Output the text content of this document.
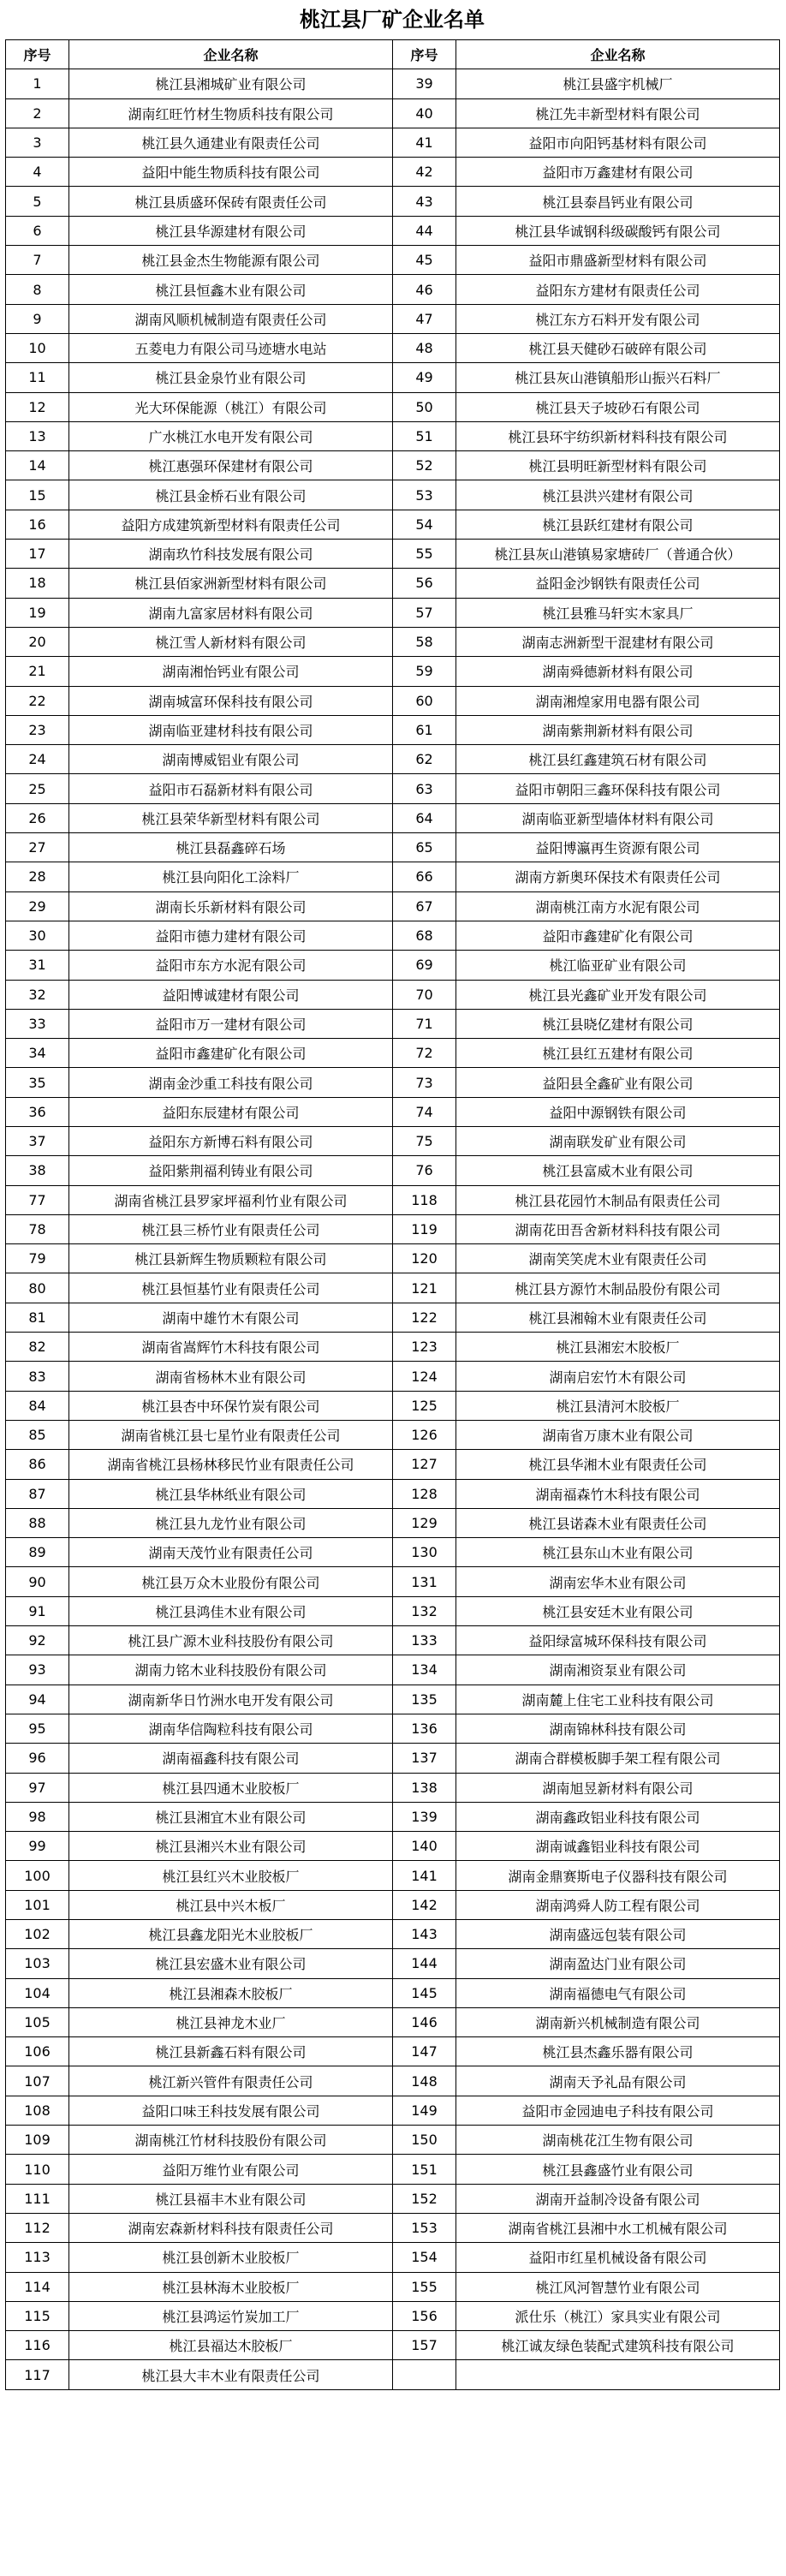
桃江县厂矿企业名单
序号	企业名称	序号	企业名称
1	桃江县湘城矿业有限公司	39	桃江县盛宇机械厂
2	湖南红旺竹材生物质科技有限公司	40	桃江先丰新型材料有限公司
3	桃江县久通建业有限责任公司	41	益阳市向阳钙基材料有限公司
4	益阳中能生物质科技有限公司	42	益阳市万鑫建材有限公司
5	桃江县质盛环保砖有限责任公司	43	桃江县泰昌钙业有限公司
6	桃江县华源建材有限公司	44	桃江县华诚钢科级碳酸钙有限公司
7	桃江县金杰生物能源有限公司	45	益阳市鼎盛新型材料有限公司
8	桃江县恒鑫木业有限公司	46	益阳东方建材有限责任公司
9	湖南风顺机械制造有限责任公司	47	桃江东方石料开发有限公司
10	五菱电力有限公司马迹塘水电站	48	桃江县天健砂石破碎有限公司
11	桃江县金泉竹业有限公司	49	桃江县灰山港镇船形山振兴石料厂
12	光大环保能源（桃江）有限公司	50	桃江县天子坡砂石有限公司
13	广水桃江水电开发有限公司	51	桃江县环宇纺织新材料科技有限公司
14	桃江惠强环保建材有限公司	52	桃江县明旺新型材料有限公司
15	桃江县金桥石业有限公司	53	桃江县洪兴建材有限公司
16	益阳方成建筑新型材料有限责任公司	54	桃江县跃红建材有限公司
17	湖南玖竹科技发展有限公司	55	桃江县灰山港镇易家塘砖厂（普通合伙）
18	桃江县佰家洲新型材料有限公司	56	益阳金沙钢铁有限责任公司
19	湖南九富家居材料有限公司	57	桃江县雅马轩实木家具厂
20	桃江雪人新材料有限公司	58	湖南志洲新型干混建材有限公司
21	湖南湘怡钙业有限公司	59	湖南舜德新材料有限公司
22	湖南城富环保科技有限公司	60	湖南湘煌家用电器有限公司
23	湖南临亚建材科技有限公司	61	湖南紫荆新材料有限公司
24	湖南博威铝业有限公司	62	桃江县红鑫建筑石材有限公司
25	益阳市石磊新材料有限公司	63	益阳市朝阳三鑫环保科技有限公司
26	桃江县荣华新型材料有限公司	64	湖南临亚新型墙体材料有限公司
27	桃江县磊鑫碎石场	65	益阳博瀛再生资源有限公司
28	桃江县向阳化工涂料厂	66	湖南方新奥环保技术有限责任公司
29	湖南长乐新材料有限公司	67	湖南桃江南方水泥有限公司
30	益阳市德力建材有限公司	68	益阳市鑫建矿化有限公司
31	益阳市东方水泥有限公司	69	桃江临亚矿业有限公司
32	益阳博诚建材有限公司	70	桃江县光鑫矿业开发有限公司
33	益阳市万一建材有限公司	71	桃江县晓亿建材有限公司
34	益阳市鑫建矿化有限公司	72	桃江县红五建材有限公司
35	湖南金沙重工科技有限公司	73	益阳县全鑫矿业有限公司
36	益阳东辰建材有限公司	74	益阳中源钢铁有限公司
37	益阳东方新博石料有限公司	75	湖南联发矿业有限公司
38	益阳紫荆福利铸业有限公司	76	桃江县富威木业有限公司
77	湖南省桃江县罗家坪福利竹业有限公司	118	桃江县花园竹木制品有限责任公司
78	桃江县三桥竹业有限责任公司	119	湖南花田吾舍新材料科技有限公司
79	桃江县新辉生物质颗粒有限公司	120	湖南笑笑虎木业有限责任公司
80	桃江县恒基竹业有限责任公司	121	桃江县方源竹木制品股份有限公司
81	湖南中雄竹木有限公司	122	桃江县湘翰木业有限责任公司
82	湖南省嵩辉竹木科技有限公司	123	桃江县湘宏木胶板厂
83	湖南省杨林木业有限公司	124	湖南启宏竹木有限公司
84	桃江县杏中环保竹炭有限公司	125	桃江县清河木胶板厂
85	湖南省桃江县七星竹业有限责任公司	126	湖南省万康木业有限公司
86	湖南省桃江县杨林移民竹业有限责任公司	127	桃江县华湘木业有限责任公司
87	桃江县华林纸业有限公司	128	湖南福森竹木科技有限公司
88	桃江县九龙竹业有限公司	129	桃江县诺森木业有限责任公司
89	湖南天茂竹业有限责任公司	130	桃江县东山木业有限公司
90	桃江县万众木业股份有限公司	131	湖南宏华木业有限公司
91	桃江县鸿佳木业有限公司	132	桃江县安廷木业有限公司
92	桃江县广源木业科技股份有限公司	133	益阳绿富城环保科技有限公司
93	湖南力铭木业科技股份有限公司	134	湖南湘资泵业有限公司
94	湖南新华日竹洲水电开发有限公司	135	湖南麓上住宅工业科技有限公司
95	湖南华信陶粒科技有限公司	136	湖南锦林科技有限公司
96	湖南福鑫科技有限公司	137	湖南合群模板脚手架工程有限公司
97	桃江县四通木业胶板厂	138	湖南旭昱新材料有限公司
98	桃江县湘宜木业有限公司	139	湖南鑫政铝业科技有限公司
99	桃江县湘兴木业有限公司	140	湖南诚鑫铝业科技有限公司
100	桃江县红兴木业胶板厂	141	湖南金鼎赛斯电子仪器科技有限公司
101	桃江县中兴木板厂	142	湖南鸿舜人防工程有限公司
102	桃江县鑫龙阳光木业胶板厂	143	湖南盛远包装有限公司
103	桃江县宏盛木业有限公司	144	湖南盈达门业有限公司
104	桃江县湘森木胶板厂	145	湖南福德电气有限公司
105	桃江县神龙木业厂	146	湖南新兴机械制造有限公司
106	桃江县新鑫石料有限公司	147	桃江县杰鑫乐器有限公司
107	桃江新兴管件有限责任公司	148	湖南天予礼品有限公司
108	益阳口味王科技发展有限公司	149	益阳市金园迪电子科技有限公司
109	湖南桃江竹材科技股份有限公司	150	湖南桃花江生物有限公司
110	益阳万维竹业有限公司	151	桃江县鑫盛竹业有限公司
111	桃江县福丰木业有限公司	152	湖南开益制冷设备有限公司
112	湖南宏森新材料科技有限责任公司	153	湖南省桃江县湘中水工机械有限公司
113	桃江县创新木业胶板厂	154	益阳市红星机械设备有限公司
114	桃江县林海木业胶板厂	155	桃江风河智慧竹业有限公司
115	桃江县鸿运竹炭加工厂	156	派仕乐（桃江）家具实业有限公司
116	桃江县福达木胶板厂	157	桃江诚友绿色装配式建筑科技有限公司
117	桃江县大丰木业有限责任公司		
